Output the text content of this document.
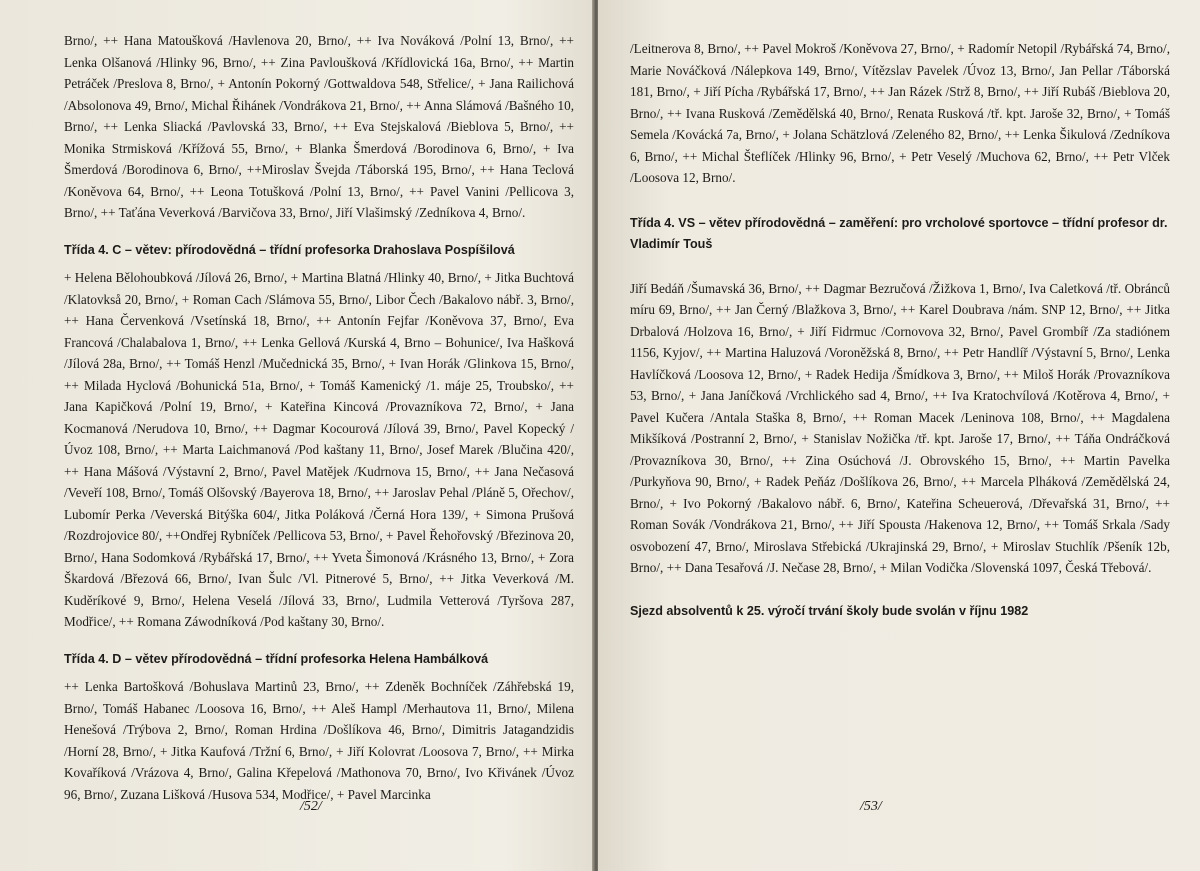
Brno/, ++ Hana Matoušková /Havlenova 20, Brno/, ++ Iva Nováková /Polní 13, Brno/, ++ Lenka Olšanová /Hlinky 96, Brno/, ++ Zina Pavloušková /Křídlovická 16a, Brno/, ++ Martin Petráček /Preslova 8, Brno/, + Antonín Pokorný /Gottwaldova 548, Střelice/, + Jana Railichová /Absolonova 49, Brno/, Michal Řihánek /Vondrákova 21, Brno/, ++ Anna Slámová /Bašného 10, Brno/, ++ Lenka Sliacká /Pavlovská 33, Brno/, ++ Eva Stejskalová /Bieblova 5, Brno/, ++ Monika Strmisková /Křížová 55, Brno/, + Blanka Šmerdová /Borodinova 6, Brno/, + Iva Šmerdová /Borodinova 6, Brno/, ++Miroslav Švejda /Táborská 195, Brno/, ++ Hana Teclová /Koněvova 64, Brno/, ++ Leona Totušková /Polní 13, Brno/, ++ Pavel Vanini /Pellicova 3, Brno/, ++ Taťána Veverková /Barvičova 33, Brno/, Jiří Vlašimský /Zedníkova 4, Brno/.

Třída 4. C – větev: přírodovědná – třídní profesorka Drahoslava Pospíšilová

+ Helena Bělohoubková /Jílová 26, Brno/, + Martina Blatná /Hlinky 40, Brno/, + Jitka Buchtová /Klatovkså 20, Brno/, + Roman Cach /Slámova 55, Brno/, Libor Čech /Bakalovo nábř. 3, Brno/, ++ Hana Červenková /Vsetínská 18, Brno/, ++ Antonín Fejfar /Koněvova 37, Brno/, Eva Francová /Chalabalova 1, Brno/, ++ Lenka Gellová /Kurská 4, Brno – Bohunice/, Iva Hašková /Jílová 28a, Brno/, ++ Tomáš Henzl /Mučednická 35, Brno/, + Ivan Horák /Glinkova 15, Brno/, ++ Milada Hyclová /Bohunická 51a, Brno/, + Tomáš Kamenický /1. máje 25, Troubsko/, ++ Jana Kapičková /Polní 19, Brno/, + Kateřina Kincová /Provazníkova 72, Brno/, + Jana Kocmanová /Nerudova 10, Brno/, ++ Dagmar Kocourová /Jílová 39, Brno/, Pavel Kopecký /Úvoz 108, Brno/, ++ Marta Laichmanová /Pod kaštany 11, Brno/, Josef Marek /Blučina 420/, ++ Hana Mášová /Výstavní 2, Brno/, Pavel Matějek /Kudrnova 15, Brno/, ++ Jana Nečasová /Veveří 108, Brno/, Tomáš Olšovský /Bayerova 18, Brno/, ++ Jaroslav Pehal /Pláně 5, Ořechov/, Lubomír Perka /Veverská Bitýška 604/, Jitka Poláková /Černá Hora 139/, + Simona Prušová /Rozdrojovice 80/, ++Ondřej Rybníček /Pellicova 53, Brno/, + Pavel Řehořovský /Březinova 20, Brno/, Hana Sodomková /Rybářská 17, Brno/, ++ Yveta Šimonová /Krásného 13, Brno/, + Zora Škardová /Březová 66, Brno/, Ivan Šulc /Vl. Pitnerové 5, Brno/, ++ Jitka Veverková /M. Kuděríkové 9, Brno/, Helena Veselá /Jílová 33, Brno/, Ludmila Vetterová /Tyršova 287, Modřice/, ++ Romana Záwodníková /Pod kaštany 30, Brno/.

Třída 4. D – větev přírodovědná – třídní profesorka Helena Hambálková

++ Lenka Bartošková /Bohuslava Martinů 23, Brno/, ++ Zdeněk Bochníček /Záhřebská 19, Brno/, Tomáš Habanec /Loosova 16, Brno/, ++ Aleš Hampl /Merhautova 11, Brno/, Milena Henešová /Trýbova 2, Brno/, Roman Hrdina /Došlíkova 46, Brno/, Dimitris Jatagandzidis /Horní 28, Brno/, + Jitka Kaufová /Tržní 6, Brno/, + Jiří Kolovrat /Loosova 7, Brno/, ++ Mirka Kovaříková /Vrázova 4, Brno/, Galina Křepelová /Mathonova 70, Brno/, Ivo Křivánek /Úvoz 96, Brno/, Zuzana Lišková /Husova 534, Modřice/, + Pavel Marcinka

/52/

/Leitnerova 8, Brno/, ++ Pavel Mokroš /Koněvova 27, Brno/, + Radomír Netopil /Rybářská 74, Brno/, Marie Nováčková /Nálepkova 149, Brno/, Vítězslav Pavelek /Úvoz 13, Brno/, Jan Pellar /Táborská 181, Brno/, + Jiří Pícha /Rybářská 17, Brno/, ++ Jan Rázek /Strž 8, Brno/, ++ Jiří Rubáš /Bieblova 20, Brno/, ++ Ivana Rusková /Zemědělská 40, Brno/, Renata Rusková /tř. kpt. Jaroše 32, Brno/, + Tomáš Semela /Kovácká 7a, Brno/, + Jolana Schätzlová /Zeleného 82, Brno/, ++ Lenka Šikulová /Zedníkova 6, Brno/, ++ Michal Šteflíček /Hlinky 96, Brno/, + Petr Veselý /Muchova 62, Brno/, ++ Petr Vlček /Loosova 12, Brno/.

Třída 4. VS – větev přírodovědná – zaměření: pro vrcholové sportovce – třídní profesor dr. Vladimír Touš

Jiří Bedáň /Šumavská 36, Brno/, ++ Dagmar Bezručová /Žižkova 1, Brno/, Iva Caletková /tř. Obránců míru 69, Brno/, ++ Jan Černý /Blažkova 3, Brno/, ++ Karel Doubrava /nám. SNP 12, Brno/, ++ Jitka Drbalová /Holzova 16, Brno/, + Jiří Fidrmuc /Cornovova 32, Brno/, Pavel Grombíř /Za stadiónem 1156, Kyjov/, ++ Martina Haluzová /Voroněžská 8, Brno/, ++ Petr Handlíř /Výstavní 5, Brno/, Lenka Havlíčková /Loosova 12, Brno/, + Radek Hedija /Šmídkova 3, Brno/, ++ Miloš Horák /Provazníkova 53, Brno/, + Jana Janíčková /Vrchlického sad 4, Brno/, ++ Iva Kratochvílová /Kotěrova 4, Brno/, + Pavel Kučera /Antala Staška 8, Brno/, ++ Roman Macek /Leninova 108, Brno/, ++ Magdalena Mikšíková /Postranní 2, Brno/, + Stanislav Nožička /tř. kpt. Jaroše 17, Brno/, ++ Táňa Ondráčková /Provazníkova 30, Brno/, ++ Zina Osúchová /J. Obrovského 15, Brno/, ++ Martin Pavelka /Purkyňova 90, Brno/, + Radek Peňáz /Došlíkova 26, Brno/, ++ Marcela Plháková /Zemědělská 24, Brno/, + Ivo Pokorný /Bakalovo nábř. 6, Brno/, Kateřina Scheuerová, /Dřevařská 31, Brno/, ++ Roman Sovák /Vondrákova 21, Brno/, ++ Jiří Spousta /Hakenova 12, Brno/, ++ Tomáš Srkala /Sady osvobození 47, Brno/, Miroslava Střebická /Ukrajinská 29, Brno/, + Miroslav Stuchlík /Pšeník 12b, Brno/, ++ Dana Tesařová /J. Nečase 28, Brno/, + Milan Vodička /Slovenská 1097, Česká Třebová/.

Sjezd absolventů k 25. výročí trvání školy bude svolán v říjnu 1982
/53/
